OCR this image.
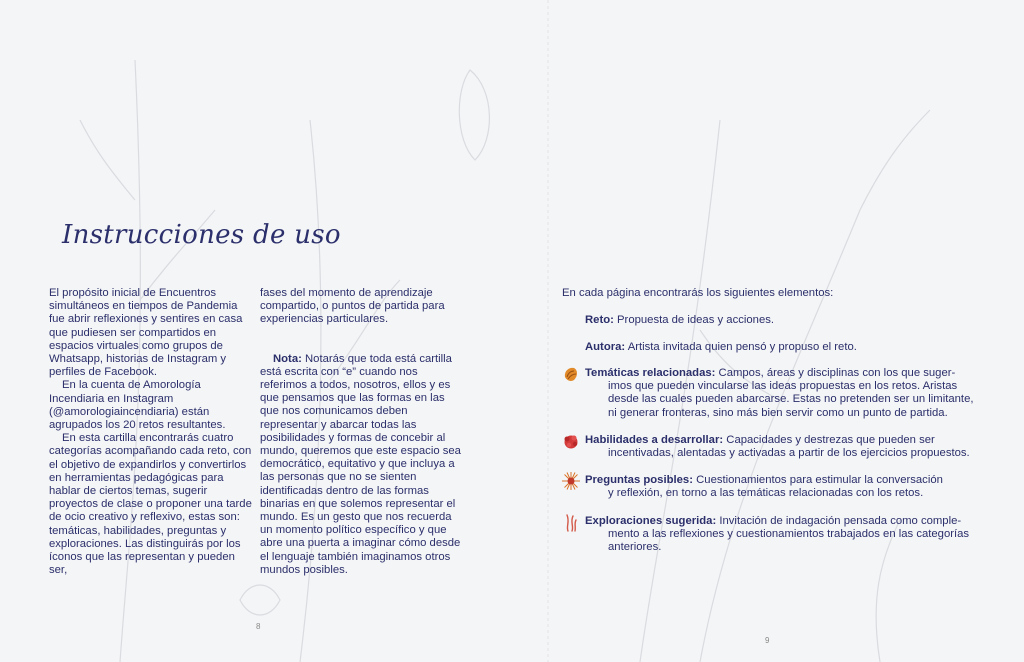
Instrucciones de uso

El propósito inicial de Encuentros simultáneos en tiempos de Pandemia fue abrir reflexiones y sentires en casa que pudiesen ser compartidos en espacios virtuales como grupos de Whatsapp, historias de Instagram y perfiles de Facebook.

En la cuenta de Amorología Incendiaria en Instagram (@amorologiaincendiaria) están agrupados los 20 retos resultantes.

En esta cartilla encontrarás cuatro categorías acompañando cada reto, con el objetivo de expandirlos y convertirlos en herramientas pedagógicas para hablar de ciertos temas, sugerir proyectos de clase o proponer una tarde de ocio creativo y reflexivo, estas son: temáticas, habilidades, preguntas y exploraciones. Las distinguirás por los íconos que las representan y pueden ser,

fases del momento de aprendizaje compartido, o puntos de partida para experiencias particulares.

Nota: Notarás que toda está cartilla está escrita con “e” cuando nos referimos a todos, nosotros, ellos y es que pensamos que las formas en las que nos comunicamos deben representar y abarcar todas las posibilidades y formas de concebir al mundo, queremos que este espacio sea democrático, equitativo y que incluya a las personas que no se sienten identificadas dentro de las formas binarias en que solemos representar el mundo. Es un gesto que nos recuerda un momento político específico y que abre una puerta a imaginar cómo desde el lenguaje también imaginamos otros mundos posibles.

8
En cada página encontrarás los siguientes elementos:
Reto: Propuesta de ideas y acciones.
Autora: Artista invitada quien pensó y propuso el reto.
Temáticas relacionadas: Campos, áreas y disciplinas con los que suger-
imos que pueden vincularse las ideas propuestas en los retos. Aristas
desde las cuales pueden abarcarse. Estas no pretenden ser un limitante,
ni generar fronteras, sino más bien servir como un punto de partida.
Habilidades a desarrollar: Capacidades y destrezas que pueden ser
incentivadas, alentadas y activadas a partir de los ejercicios propuestos.
Preguntas posibles: Cuestionamientos para estimular la conversación
y reflexión, en torno a las temáticas relacionadas con los retos.
Exploraciones sugerida: Invitación de indagación pensada como comple-
mento a las reflexiones y cuestionamientos trabajados en las categorías
anteriores.
9
